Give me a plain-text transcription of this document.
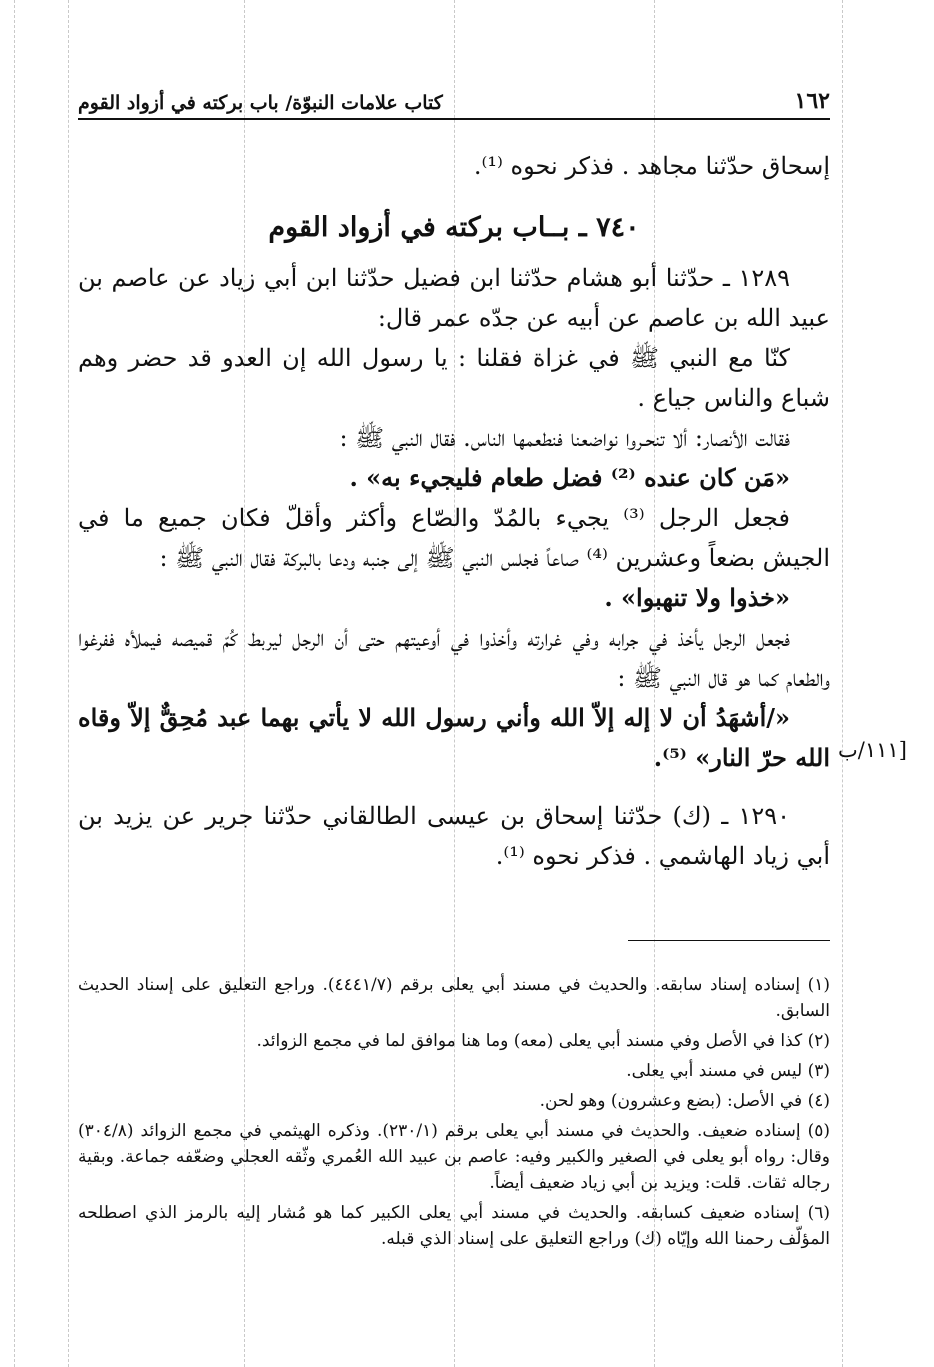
١٦٢
كتاب علامات النبوّة/ باب بركته في أزواد القوم

إسحاق حدّثنا مجاهد . فذكر نحوه ⁽¹⁾.

٧٤٠ ـ بــاب بركته في أزواد القوم

١٢٨٩ ـ حدّثنا أبو هشام حدّثنا ابن فضيل حدّثنا ابن أبي زياد عن عاصم بن عبيد الله بن عاصم عن أبيه عن جدّه عمر قال:

كنّا مع النبي ﷺ في غزاة فقلنا : يا رسول الله إن العدو قد حضر وهم شباع والناس جياع .

فقالت الأنصار: ألا تنحـروا نواضعنا فنطعمها الناس. فقال النبي ﷺ :

«مَن كان عنده ⁽²⁾ فضل طعام فليجيء به» .

فجعل الرجل ⁽³⁾ يجيء بالمُدّ والصّاع وأكثر وأقلّ فكان جميع ما في الجيش بضعاً وعشرين ⁽⁴⁾ صاعاً فجلس النبي ﷺ إلى جنبه ودعا بالبركة فقال النبي ﷺ :

«خذوا ولا تنهبوا» .

فجعل الرجل يأخذ في جرابه وفي غرارته وأخذوا في أوعيتهم حتى أن الرجل ليربط كُمّ قميصه فيملأه ففرغوا والطعام كما هو قال النبي ﷺ :

«/أشهَدُ أن لا إله إلاّ الله وأني رسول الله لا يأتي بهما عبد مُحِقٌّ إلاّ وقاه الله حرّ النار» ⁽⁵⁾.

١٢٩٠ ـ (ك) حدّثنا إسحاق بن عيسى الطالقاني حدّثنا جرير عن يزيد بن أبي زياد الهاشمي . فذكر نحوه ⁽¹⁾.

١١١/ب]

(١) إسناده إسناد سابقه. والحديث في مسند أبي يعلى برقم (٤٤٤١/٧). وراجع التعليق على إسناد الحديث السابق.

(٢) كذا في الأصل وفي مسند أبي يعلى (معه) وما هنا موافق لما في مجمع الزوائد.

(٣) ليس في مسند أبي يعلى.

(٤) في الأصل: (بضع وعشرون) وهو لحن.

(٥) إسناده ضعيف. والحديث في مسند أبي يعلى برقم (٢٣٠/١). وذكره الهيثمي في مجمع الزوائد (٣٠٤/٨) وقال: رواه أبو يعلى في الصغير والكبير وفيه: عاصم بن عبيد الله العُمري وثّقه العجلي وضعّفه جماعة. وبقية رجاله ثقات. قلت: ويزيد بن أبي زياد ضعيف أيضاً.

(٦) إسناده ضعيف كسابقه. والحديث في مسند أبي يعلى الكبير كما هو مُشار إليه بالرمز الذي اصطلحه المؤلّف رحمنا الله وإيّاه (ك) وراجع التعليق على إسناد الذي قبله.
